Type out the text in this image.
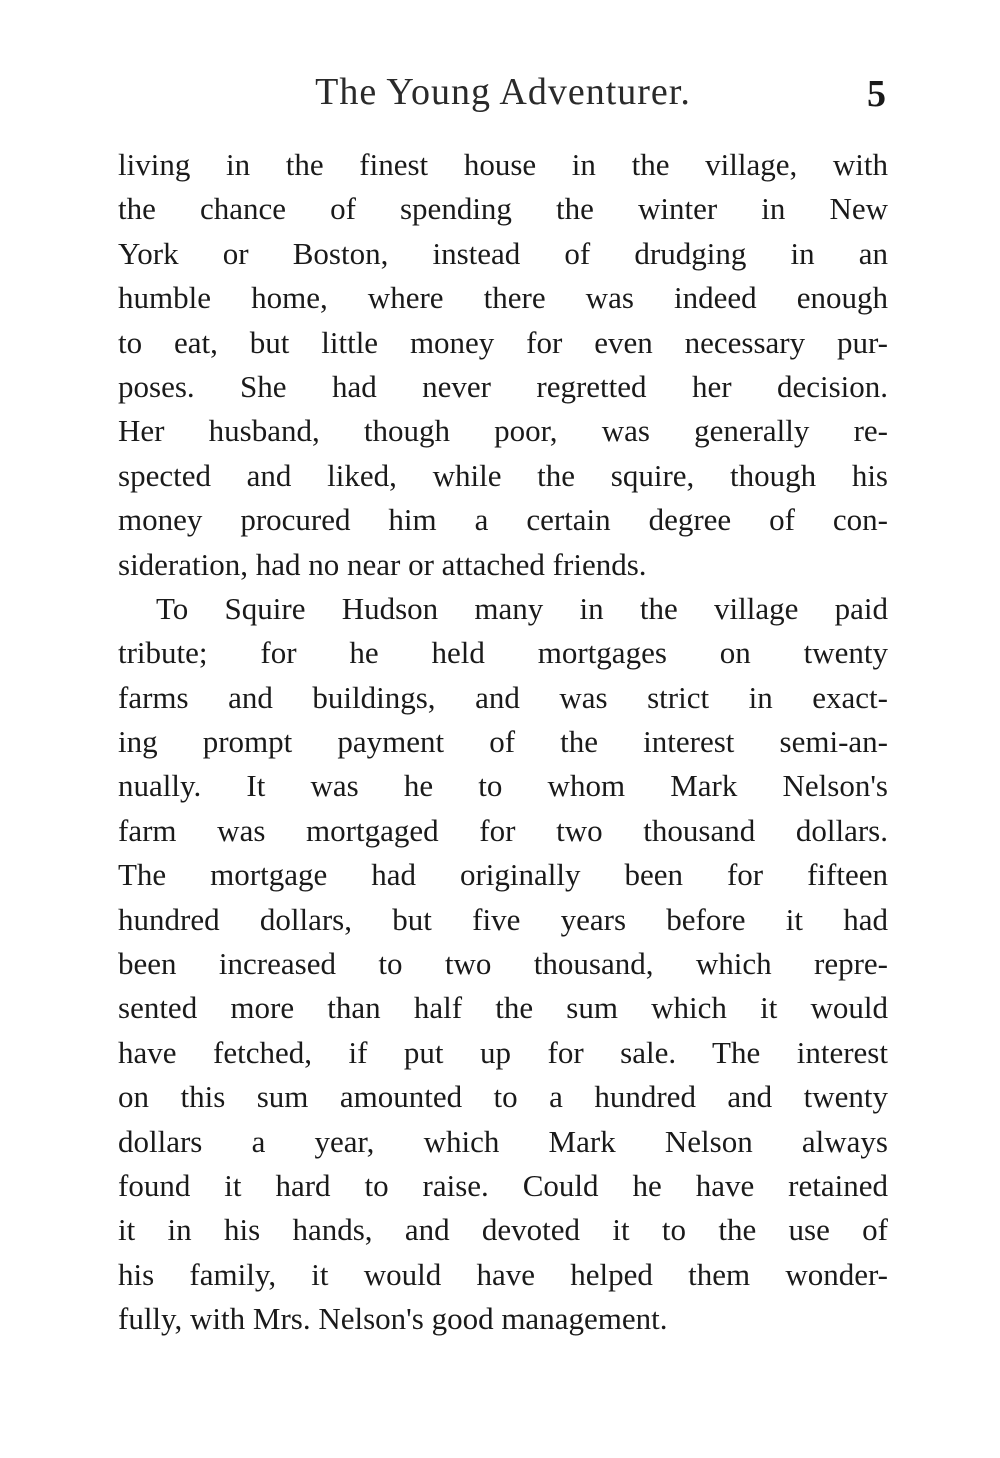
The Young Adventurer.	5
living in the finest house in the village, with
the chance of spending the winter in New
York or Boston, instead of drudging in an
humble home, where there was indeed enough
to eat, but little money for even necessary pur-
poses. She had never regretted her decision.
Her husband, though poor, was generally re-
spected and liked, while the squire, though his
money procured him a certain degree of con-
sideration, had no near or attached friends.
To Squire Hudson many in the village paid
tribute; for he held mortgages on twenty
farms and buildings, and was strict in exact-
ing prompt payment of the interest semi-an-
nually. It was he to whom Mark Nelson's
farm was mortgaged for two thousand dollars.
The mortgage had originally been for fifteen
hundred dollars, but five years before it had
been increased to two thousand, which repre-
sented more than half the sum which it would
have fetched, if put up for sale. The interest
on this sum amounted to a hundred and twenty
dollars a year, which Mark Nelson always
found it hard to raise. Could he have retained
it in his hands, and devoted it to the use of
his family, it would have helped them wonder-
fully, with Mrs. Nelson's good management.
